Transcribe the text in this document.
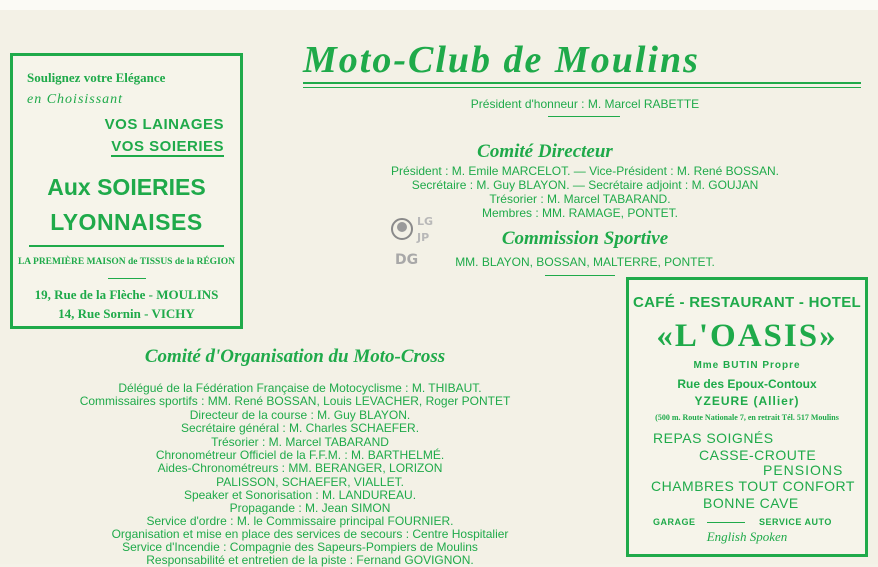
Soulignez votre Elégance
en Choisissant
VOS LAINAGES
VOS SOIERIES
Aux SOIERIES
LYONNAISES
LA PREMIÈRE MAISON de TISSUS de la RÉGION
19, Rue de la Flèche - MOULINS
14, Rue Sornin - VICHY
Moto-Club de Moulins
Président d'honneur : M. Marcel RABETTE
Comité Directeur
Président : M. Emile MARCELOT. — Vice-Président : M. René BOSSAN.
Secrétaire : M. Guy BLAYON. — Secrétaire adjoint : M. GOUJAN
Trésorier : M. Marcel TABARAND.
Membres : MM. RAMAGE, PONTET.
Commission Sportive
MM. BLAYON, BOSSAN, MALTERRE, PONTET.
LG
JP
DG
Comité d'Organisation du Moto-Cross
Délégué de la Fédération Française de Motocyclisme : M. THIBAUT.
Commissaires sportifs : MM. René BOSSAN, Louis LEVACHER, Roger PONTET
Directeur de la course : M. Guy BLAYON.
Secrétaire général : M. Charles SCHAEFER.
Trésorier : M. Marcel TABARAND
Chronométreur Officiel de la F.F.M. : M. BARTHELMÉ.
Aides-Chronométreurs : MM. BERANGER, LORIZON
PALISSON, SCHAEFER, VIALLET.
Speaker et Sonorisation : M. LANDUREAU.
Propagande : M. Jean SIMON
Service d'ordre : M. le Commissaire principal FOURNIER.
Organisation et mise en place des services de secours : Centre Hospitalier
Service d'Incendie : Compagnie des Sapeurs-Pompiers de Moulins
Responsabilité et entretien de la piste : Fernand GOVIGNON.
CAFÉ - RESTAURANT - HOTEL
«L'OASIS»
Mme BUTIN Propre
Rue des Epoux-Contoux
YZEURE (Allier)
(500 m. Route Nationale 7, en retrait Tél. 517 Moulins
REPAS SOIGNÉS
CASSE-CROUTE
PENSIONS
CHAMBRES TOUT CONFORT
BONNE CAVE
GARAGE	SERVICE AUTO
English Spoken
